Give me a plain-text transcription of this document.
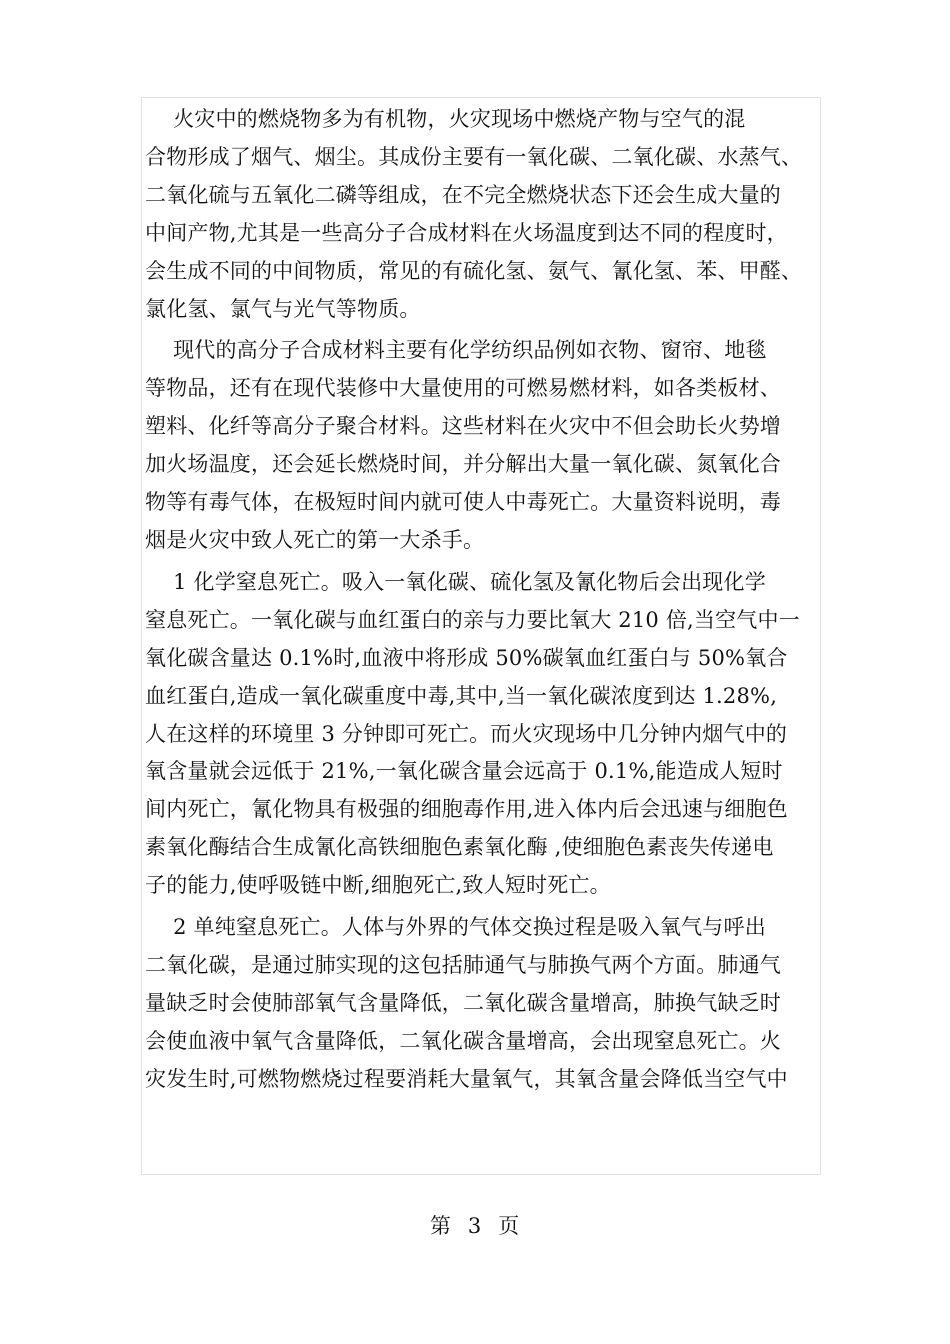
　 火灾中的燃烧物多为有机物，火灾现场中燃烧产物与空气的混
合物形成了烟气、烟尘。其成份主要有一氧化碳、二氧化碳、水蒸气、
二氧化硫与五氧化二磷等组成，在不完全燃烧状态下还会生成大量的
中间产物,尤其是一些高分子合成材料在火场温度到达不同的程度时，
会生成不同的中间物质，常见的有硫化氢、氨气、氰化氢、苯、甲醛、
氯化氢、氯气与光气等物质。
　 现代的高分子合成材料主要有化学纺织品例如衣物、窗帘、地毯
等物品，还有在现代装修中大量使用的可燃易燃材料，如各类板材、
塑料、化纤等高分子聚合材料。这些材料在火灾中不但会助长火势增
加火场温度，还会延长燃烧时间，并分解出大量一氧化碳、氮氧化合
物等有毒气体，在极短时间内就可使人中毒死亡。大量资料说明，毒
烟是火灾中致人死亡的第一大杀手。
　 1 化学窒息死亡。吸入一氧化碳、硫化氢及氰化物后会出现化学
窒息死亡。一氧化碳与血红蛋白的亲与力要比氧大 210 倍,当空气中一
氧化碳含量达 0.1%时,血液中将形成 50%碳氧血红蛋白与 50%氧合
血红蛋白,造成一氧化碳重度中毒,其中,当一氧化碳浓度到达 1.28%,
人在这样的环境里 3 分钟即可死亡。而火灾现场中几分钟内烟气中的
氧含量就会远低于 21%,一氧化碳含量会远高于 0.1%,能造成人短时
间内死亡，氰化物具有极强的细胞毒作用,进入体内后会迅速与细胞色
素氧化酶结合生成氰化高铁细胞色素氧化酶 ,使细胞色素丧失传递电
子的能力,使呼吸链中断,细胞死亡,致人短时死亡。
　 2 单纯窒息死亡。人体与外界的气体交换过程是吸入氧气与呼出
二氧化碳，是通过肺实现的这包括肺通气与肺换气两个方面。肺通气
量缺乏时会使肺部氧气含量降低，二氧化碳含量增高，肺换气缺乏时
会使血液中氧气含量降低，二氧化碳含量增高，会出现窒息死亡。火
灾发生时,可燃物燃烧过程要消耗大量氧气，其氧含量会降低当空气中
第 3 页
